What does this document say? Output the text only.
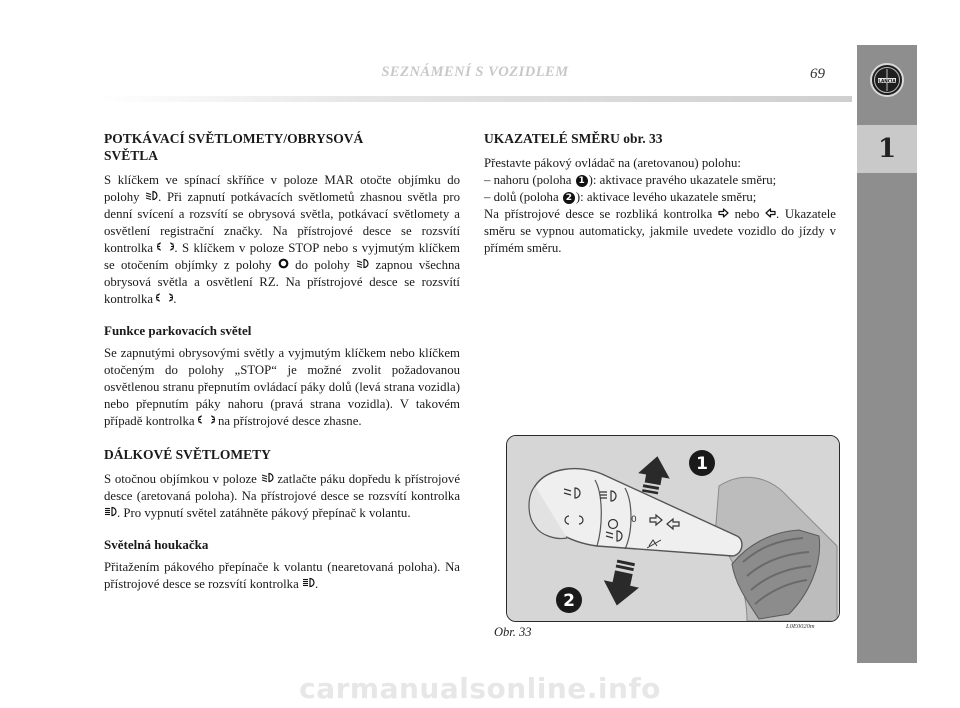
SEZNÁMENÍ S VOZIDLEM	69	LANCIA
1
POTKÁVACÍ SVĚTLOMETY/OBRYSOVÁ
SVĚTLA

S klíčkem ve spínací skříňce v poloze MAR otočte objímku do polohy . Při zapnutí potkávacích světlometů zhasnou světla pro denní svícení a rozsvítí se obrysová světla, potkávací světlomety a osvětlení registrační značky. Na přístrojové desce se rozsvítí kontrolka . S klíčkem v poloze STOP nebo s vyjmutým klíčkem se otočením objímky z polohy do polohy zapnou všechna obrysová světla a osvětlení RZ. Na přístrojové desce se rozsvítí kontrolka .

Funkce parkovacích světel

Se zapnutými obrysovými světly a vyjmutým klíčkem nebo klíčkem otočeným do polohy „STOP“ je možné zvolit požadovanou osvětlenou stranu přepnutím ovládací páky dolů (levá strana vozidla) nebo přepnutím páky nahoru (pravá strana vozidla). V takovém případě kontrolka na přístrojové desce zhasne.

DÁLKOVÉ SVĚTLOMETY

S otočnou objímkou v poloze zatlačte páku dopředu k přístrojové desce (aretovaná poloha). Na přístrojové desce se rozsvítí kontrolka . Pro vypnutí světel zatáhněte pákový přepínač k volantu.

Světelná houkačka

Přitažením pákového přepínače k volantu (nearetovaná poloha). Na přístrojové desce se rozsvítí kontrolka .

UKAZATELÉ SMĚRU obr. 33

Přestavte pákový ovládač na (aretovanou) polohu:

– nahoru (poloha 1 ): aktivace pravého ukazatele směru;

– dolů (poloha 2 ): aktivace levého ukazatele směru;

Na přístrojové desce se rozbliká kontrolka nebo . Ukazatele směru se vypnou automaticky, jakmile uvedete vozidlo do jízdy v přímém směru.

0
1
2
Obr. 33	L0E0020m
carmanualsonline.info
